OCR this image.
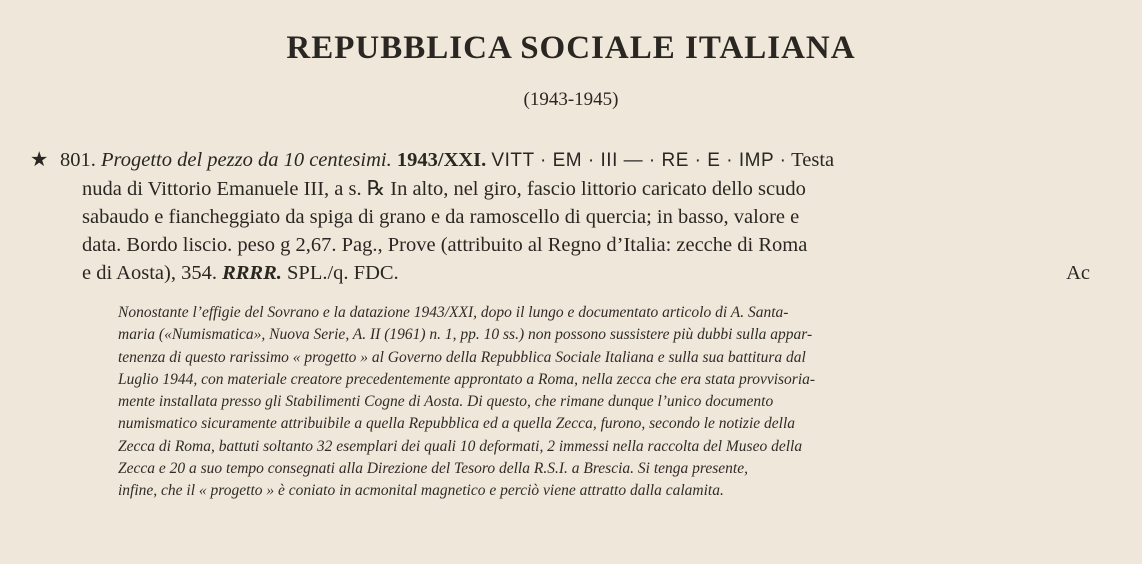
REPUBBLICA SOCIALE ITALIANA
(1943-1945)
★ 801. Progetto del pezzo da 10 centesimi. 1943/XXI. VITT · EM · III — · RE · E · IMP · Testa
nuda di Vittorio Emanuele III, a s. ℞ In alto, nel giro, fascio littorio caricato dello scudo
sabaudo e fiancheggiato da spiga di grano e da ramoscello di quercia; in basso, valore e
data. Bordo liscio. peso g 2,67. Pag., Prove (attribuito al Regno d’Italia: zecche di Roma
e di Aosta), 354. RRRR. SPL./q. FDC.	Ac
Nonostante l’effigie del Sovrano e la datazione 1943/XXI, dopo il lungo e documentato articolo di A. Santa-
maria («Numismatica», Nuova Serie, A. II (1961) n. 1, pp. 10 ss.) non possono sussistere più dubbi sulla appar-
tenenza di questo rarissimo « progetto » al Governo della Repubblica Sociale Italiana e sulla sua battitura dal
Luglio 1944, con materiale creatore precedentemente approntato a Roma, nella zecca che era stata provvisoria-
mente installata presso gli Stabilimenti Cogne di Aosta. Di questo, che rimane dunque l’unico documento
numismatico sicuramente attribuibile a quella Repubblica ed a quella Zecca, furono, secondo le notizie della
Zecca di Roma, battuti soltanto 32 esemplari dei quali 10 deformati, 2 immessi nella raccolta del Museo della
Zecca e 20 a suo tempo consegnati alla Direzione del Tesoro della R.S.I. a Brescia. Si tenga presente,
infine, che il « progetto » è coniato in acmonital magnetico e perciò viene attratto dalla calamita.
